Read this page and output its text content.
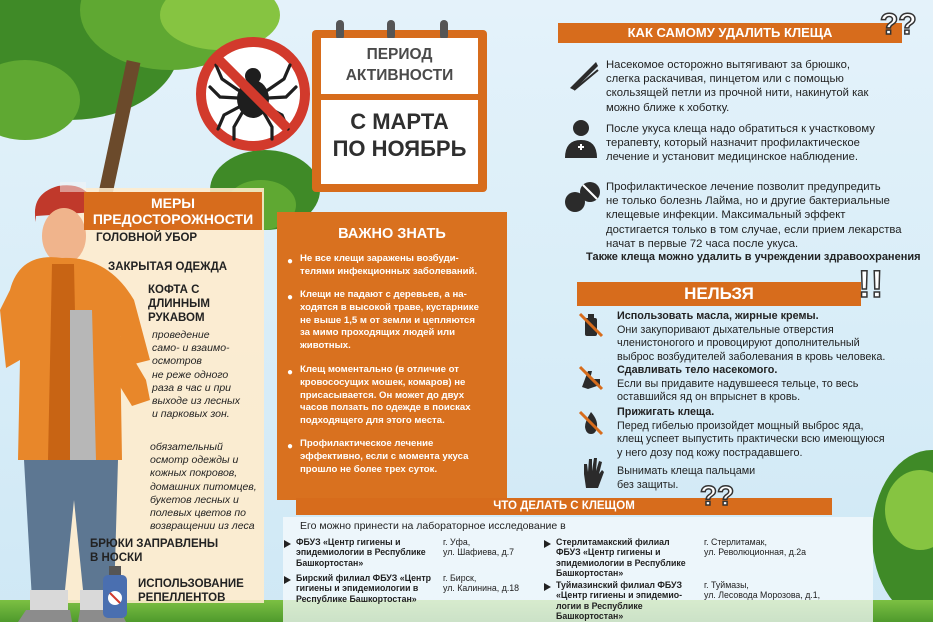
ПЕРИОД
АКТИВНОСТИ
С МАРТА
ПО НОЯБРЬ
МЕРЫ
ПРЕДОСТОРОЖНОСТИ
ГОЛОВНОЙ УБОР
ЗАКРЫТАЯ ОДЕЖДА
КОФТА С
ДЛИННЫМ
РУКАВОМ
проведение
само- и взаимо-
осмотров
не реже одного
раза в час и при
выходе из лесных
и парковых зон.
обязательный
осмотр одежды и
кожных покровов,
домашних питомцев,
букетов лесных и
полевых цветов по
возвращении из леса
БРЮКИ ЗАПРАВЛЕНЫ
В НОСКИ
ИСПОЛЬЗОВАНИЕ
РЕПЕЛЛЕНТОВ
ВАЖНО ЗНАТЬ
● Не все клещи заражены возбуди-
телями инфекционных заболеваний.
● Клещи не падают с деревьев, а на-
ходятся в высокой траве, кустарнике
не выше 1,5 м от земли и цепляются
за мимо проходящих людей или
животных.
● Клещ моментально (в отличие от
кровососущих мошек, комаров) не
присасывается. Он может до двух
часов ползать по одежде в поисках
подходящего для этого места.
● Профилактическое лечение
эффективно, если с момента укуса
прошло не более трех суток.
КАК САМОМУ УДАЛИТЬ КЛЕЩА	??
Насекомое осторожно вытягивают за брюшко,
слегка раскачивая, пинцетом или с помощью
скользящей петли из прочной нити, накинутой как
можно ближе к хоботку.
После укуса клеща надо обратиться к участковому
терапевту, который назначит профилактическое
лечение и установит медицинское наблюдение.
Профилактическое лечение позволит предупредить
не только болезнь Лайма, но и другие бактериальные
клещевые инфекции. Максимальный эффект
достигается только в том случае, если прием лекарства
начат в первые 72 часа после укуса.
Также клеща можно удалить в учреждении здравоохранения
НЕЛЬЗЯ	!!
Использовать масла, жирные кремы.
Они закупоривают дыхательные отверстия
членистоногого и провоцируют дополнительный
выброс возбудителей заболевания в кровь человека.
Сдавливать тело насекомого.
Если вы придавите надувшееся тельце, то весь
оставшийся яд он впрыснет в кровь.
Прижигать клеща.
Перед гибелью произойдет мощный выброс яда,
клещ успеет выпустить практически всю имеющуюся
у него дозу под кожу пострадавшего.
Вынимать клеща пальцами
без защиты.
ЧТО ДЕЛАТЬ С КЛЕЩОМ	??
Его можно принести на лабораторное исследование в
ФБУЗ «Центр гигиены и
эпидемиологии в Республике
Башкортостан»
г. Уфа,
ул. Шафиева, д.7
Бирский филиал ФБУЗ «Центр
гигиены и эпидемиологии в
Республике Башкортостан»
г. Бирск,
ул. Калинина, д.18
Стерлитамакский филиал
ФБУЗ «Центр гигиены и
эпидемиологии в Республике
Башкортостан»
г. Стерлитамак,
ул. Революционная, д.2а
Туймазинский филиал ФБУЗ
«Центр гигиены и эпидемио-
логии в Республике
Башкортостан»
г. Туймазы,
ул. Лесовода Морозова, д.1,
